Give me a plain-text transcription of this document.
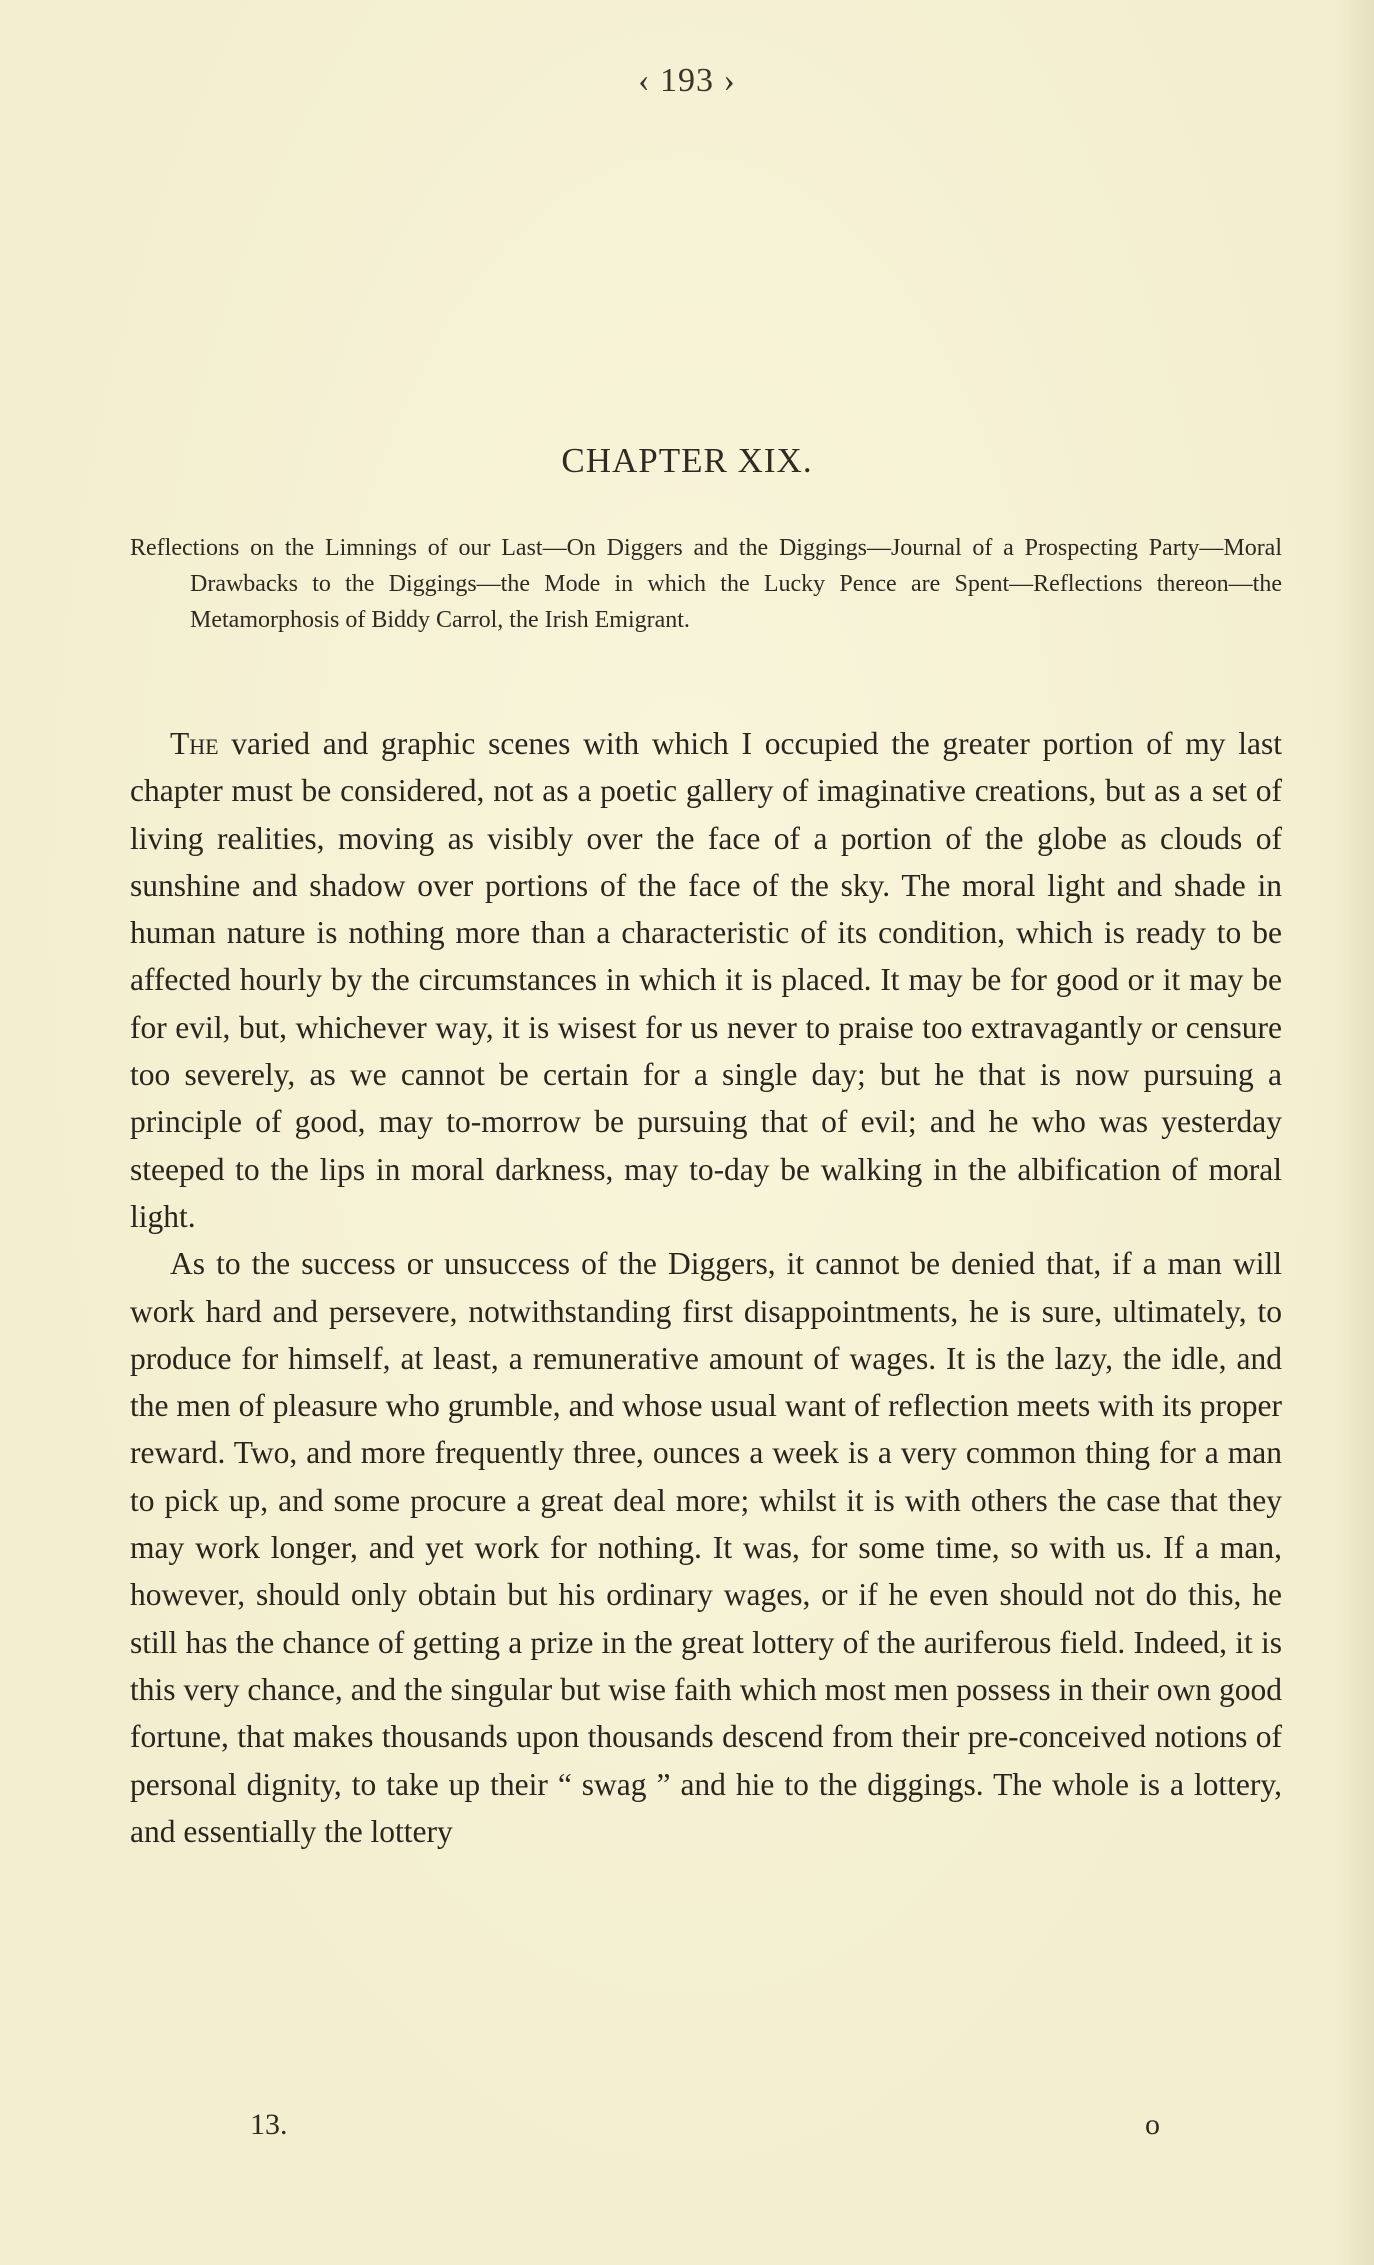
‹ 193 ›
CHAPTER XIX.
Reflections on the Limnings of our Last—On Diggers and the Diggings—Journal of a Prospecting Party—Moral Drawbacks to the Diggings—the Mode in which the Lucky Pence are Spent—Reflections thereon—the Metamorphosis of Biddy Carrol, the Irish Emigrant.

The varied and graphic scenes with which I occupied the greater portion of my last chapter must be considered, not as a poetic gallery of imaginative creations, but as a set of living realities, moving as visibly over the face of a portion of the globe as clouds of sunshine and shadow over portions of the face of the sky. The moral light and shade in human nature is nothing more than a characteristic of its condition, which is ready to be affected hourly by the circumstances in which it is placed. It may be for good or it may be for evil, but, whichever way, it is wisest for us never to praise too extravagantly or censure too severely, as we cannot be certain for a single day; but he that is now pursuing a principle of good, may to-morrow be pursuing that of evil; and he who was yesterday steeped to the lips in moral darkness, may to-day be walking in the albification of moral light.

As to the success or unsuccess of the Diggers, it cannot be denied that, if a man will work hard and persevere, notwithstanding first disappointments, he is sure, ultimately, to produce for himself, at least, a remunerative amount of wages. It is the lazy, the idle, and the men of pleasure who grumble, and whose usual want of reflection meets with its proper reward. Two, and more frequently three, ounces a week is a very common thing for a man to pick up, and some procure a great deal more; whilst it is with others the case that they may work longer, and yet work for nothing. It was, for some time, so with us. If a man, however, should only obtain but his ordinary wages, or if he even should not do this, he still has the chance of getting a prize in the great lottery of the auriferous field. Indeed, it is this very chance, and the singular but wise faith which most men possess in their own good fortune, that makes thousands upon thousands descend from their pre-conceived notions of personal dignity, to take up their “ swag ” and hie to the diggings. The whole is a lottery, and essentially the lottery

13.	o
